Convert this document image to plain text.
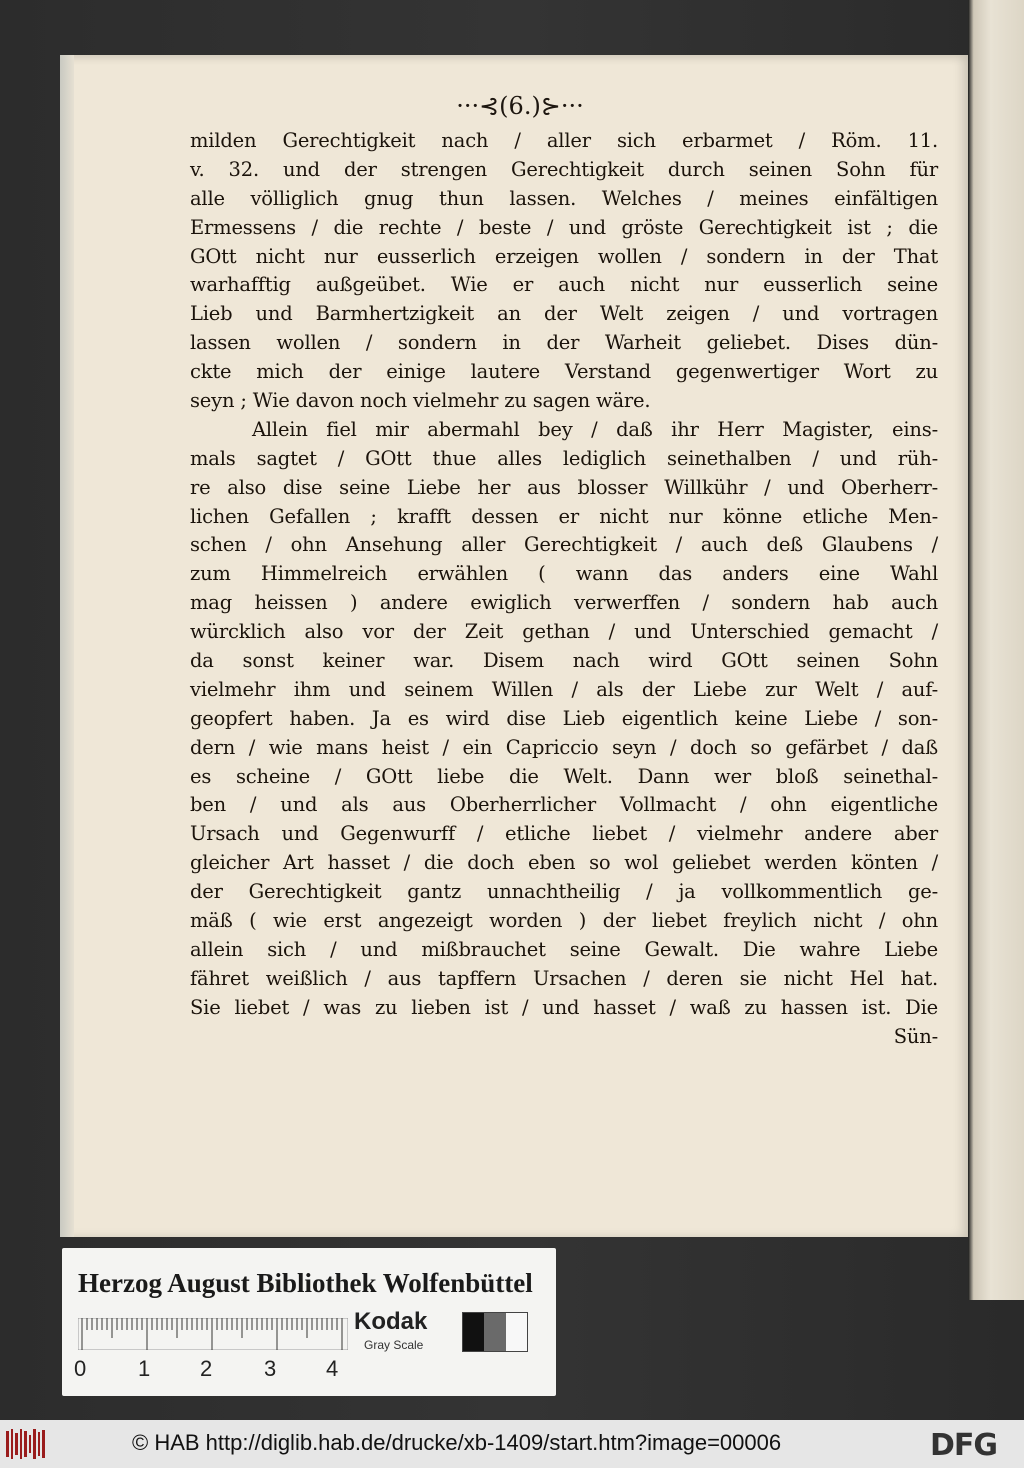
···⊰(6.)⊱···
milden Gerechtigkeit nach / aller sich erbarmet / Röm. 11.
v. 32. und der strengen Gerechtigkeit durch seinen Sohn für
alle völliglich gnug thun lassen. Welches / meines einfältigen
Ermessens / die rechte / beste / und gröste Gerechtigkeit ist ; die
GOtt nicht nur eusserlich erzeigen wollen / sondern in der That
warhafftig außgeübet. Wie er auch nicht nur eusserlich seine
Lieb und Barmhertzigkeit an der Welt zeigen / und vortragen
lassen wollen / sondern in der Warheit geliebet. Dises dün-
ckte mich der einige lautere Verstand gegenwertiger Wort zu
seyn ; Wie davon noch vielmehr zu sagen wäre.
Allein fiel mir abermahl bey / daß ihr Herr Magister, eins-
mals sagtet / GOtt thue alles lediglich seinethalben / und rüh-
re also dise seine Liebe her aus blosser Willkühr / und Oberherr-
lichen Gefallen ; krafft dessen er nicht nur könne etliche Men-
schen / ohn Ansehung aller Gerechtigkeit / auch deß Glaubens /
zum Himmelreich erwählen ( wann das anders eine Wahl
mag heissen ) andere ewiglich verwerffen / sondern hab auch
würcklich also vor der Zeit gethan / und Unterschied gemacht /
da sonst keiner war. Disem nach wird GOtt seinen Sohn
vielmehr ihm und seinem Willen / als der Liebe zur Welt / auf-
geopfert haben. Ja es wird dise Lieb eigentlich keine Liebe / son-
dern / wie mans heist / ein Capriccio seyn / doch so gefärbet / daß
es scheine / GOtt liebe die Welt. Dann wer bloß seinethal-
ben / und als aus Oberherrlicher Vollmacht / ohn eigentliche
Ursach und Gegenwurff / etliche liebet / vielmehr andere aber
gleicher Art hasset / die doch eben so wol geliebet werden könten /
der Gerechtigkeit gantz unnachtheilig / ja vollkommentlich ge-
mäß ( wie erst angezeigt worden ) der liebet freylich nicht / ohn
allein sich / und mißbrauchet seine Gewalt. Die wahre Liebe
fähret weißlich / aus tapffern Ursachen / deren sie nicht Hel hat.
Sie liebet / was zu lieben ist / und hasset / waß zu hassen ist. Die
Sün-
Herzog August Bibliothek Wolfenbüttel
0 1 2 3 4
Kodak
Gray Scale
© HAB http://diglib.hab.de/drucke/xb-1409/start.htm?image=00006	DFG
